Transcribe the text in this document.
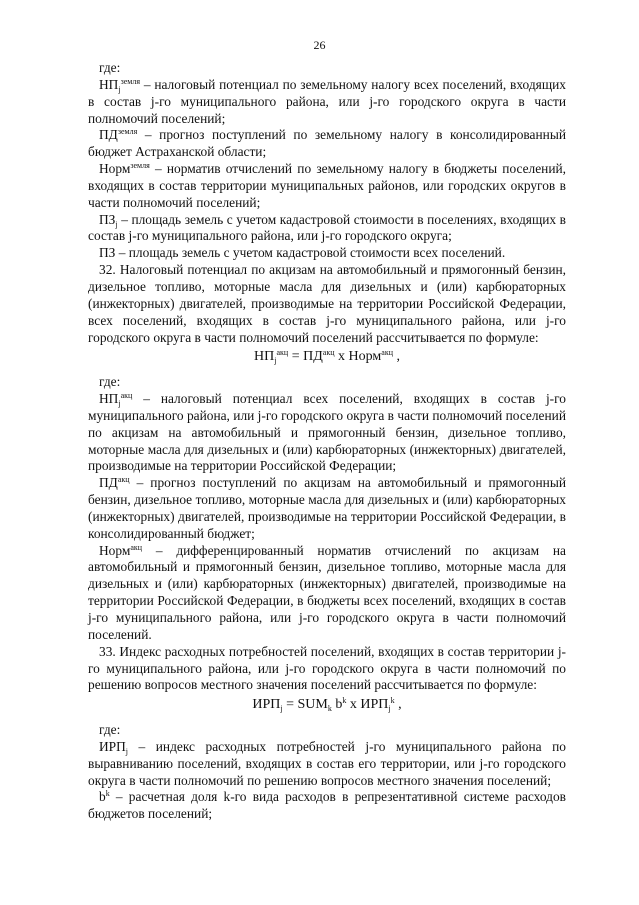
26

где:

$НП_j^{земля}$ – налоговый потенциал по земельному налогу всех поселений, входящих в состав j-го муниципального района, или j-го городского округа в части полномочий поселений;

$ПД^{земля}$ – прогноз поступлений по земельному налогу в консолидированный бюджет Астраханской области;

Норм$^{земля}$ – норматив отчислений по земельному налогу в бюджеты поселений, входящих в состав территории муниципальных районов, или городских округов в части полномочий поселений;

$ПЗ_j$ – площадь земель с учетом кадастровой стоимости в поселениях, входящих в состав j-го муниципального района, или j-го городского округа;

ПЗ – площадь земель с учетом кадастровой стоимости всех поселений.

32. Налоговый потенциал по акцизам на автомобильный и прямогонный бензин, дизельное топливо, моторные масла для дизельных и (или) карбюраторных (инжекторных) двигателей, производимые на территории Российской Федерации, всех поселений, входящих в состав j-го муниципального района, или j-го городского округа в части полномочий поселений рассчитывается по формуле:

$НП_j^{акц} = ПД^{акц}$ х Норм$^{акц}$ ,

где:

$НП_j^{акц}$ – налоговый потенциал всех поселений, входящих в состав j-го муниципального района, или j-го городского округа в части полномочий поселений по акцизам на автомобильный и прямогонный бензин, дизельное топливо, моторные масла для дизельных и (или) карбюраторных (инжекторных) двигателей, производимые на территории Российской Федерации;

$ПД^{акц}$ – прогноз поступлений по акцизам на автомобильный и прямогонный бензин, дизельное топливо, моторные масла для дизельных и (или) карбюраторных (инжекторных) двигателей, производимые на территории Российской Федерации, в консолидированный бюджет;

Норм$^{акц}$ – дифференцированный норматив отчислений по акцизам на автомобильный и прямогонный бензин, дизельное топливо, моторные масла для дизельных и (или) карбюраторных (инжекторных) двигателей, производимые на территории Российской Федерации, в бюджеты всех поселений, входящих в состав j-го муниципального района, или j-го городского округа в части полномочий поселений.

33. Индекс расходных потребностей поселений, входящих в состав территории j-го муниципального района, или j-го городского округа в части полномочий по решению вопросов местного значения поселений рассчитывается по формуле:

$ИРП_j = SUM_k$ $b^k$ х $ИРП_j^k$ ,

где:

$ИРП_j$ – индекс расходных потребностей j-го муниципального района по выравниванию поселений, входящих в состав его территории, или j-го городского округа в части полномочий по решению вопросов местного значения поселений;

$b^k$ – расчетная доля k-го вида расходов в репрезентативной системе расходов бюджетов поселений;
